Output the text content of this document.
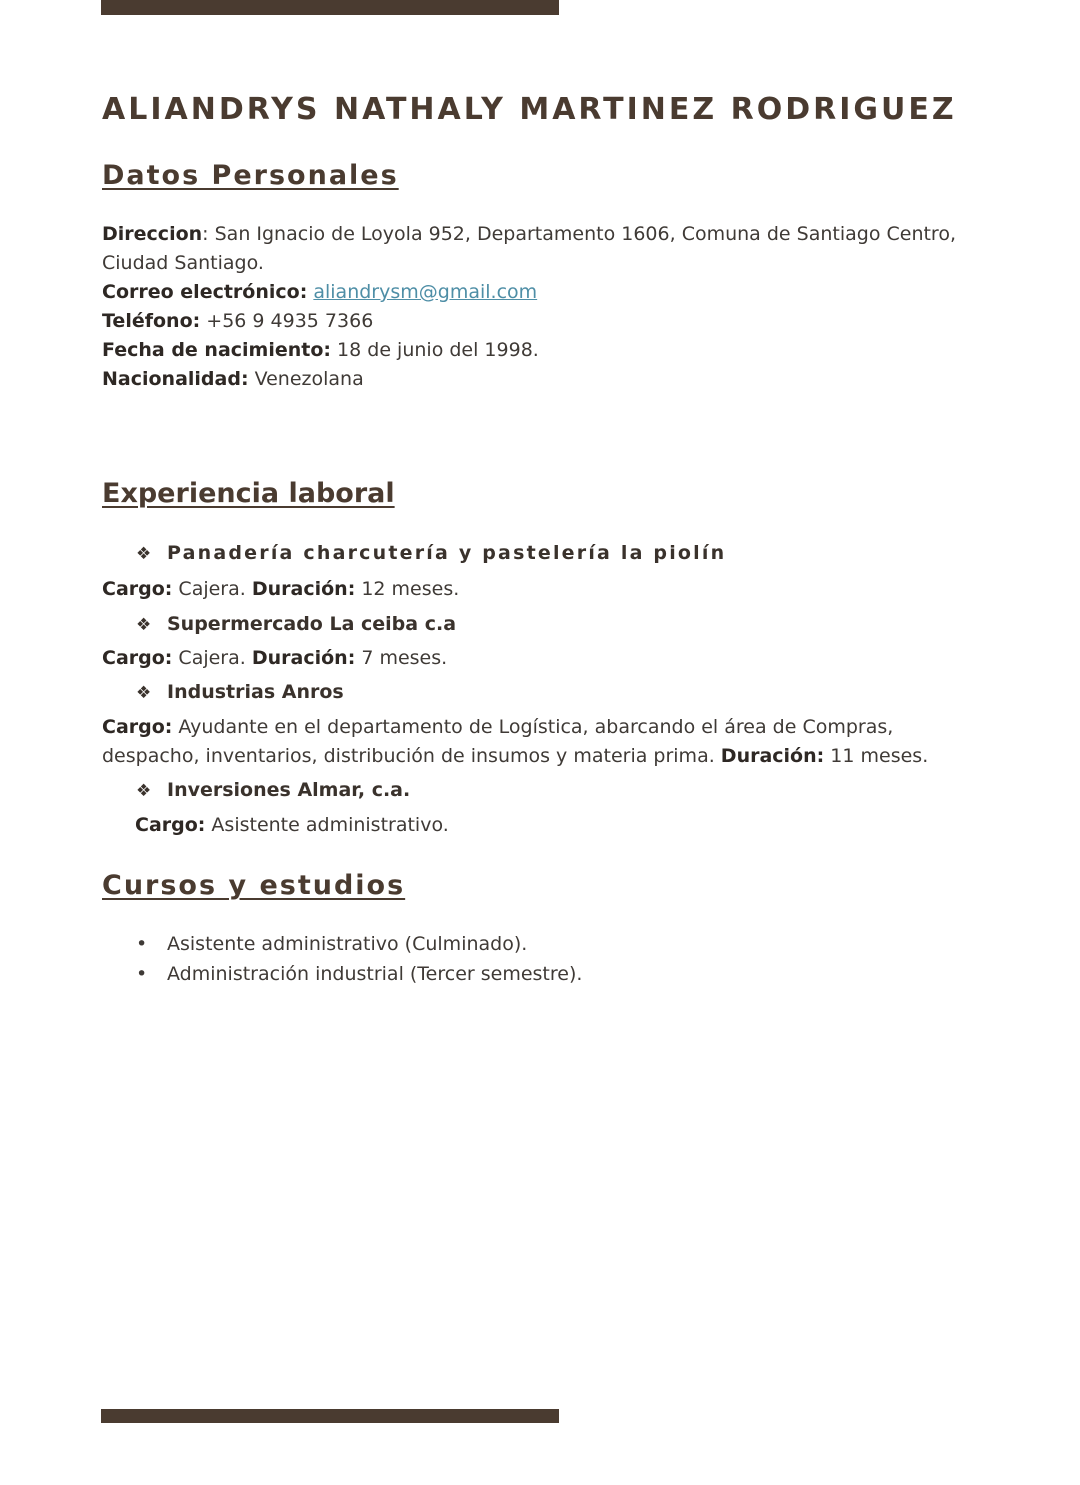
ALIANDRYS NATHALY MARTINEZ RODRIGUEZ
Datos Personales

Direccion: San Ignacio de Loyola 952, Departamento 1606, Comuna de Santiago Centro, Ciudad Santiago.

Correo electrónico: aliandrysm@gmail.com

Teléfono: +56 9 4935 7366

Fecha de nacimiento: 18 de junio del 1998.

Nacionalidad: Venezolana

Experiencia laboral
❖ Panadería charcutería y pastelería la piolín
Cargo: Cajera. Duración: 12 meses.
❖ Supermercado La ceiba c.a
Cargo: Cajera. Duración: 7 meses.
❖ Industrias Anros

Cargo: Ayudante en el departamento de Logística, abarcando el área de Compras, despacho, inventarios, distribución de insumos y materia prima. Duración: 11 meses.

❖ Inversiones Almar, c.a.
Cargo: Asistente administrativo.
Cursos y estudios
• Asistente administrativo (Culminado).
• Administración industrial (Tercer semestre).
